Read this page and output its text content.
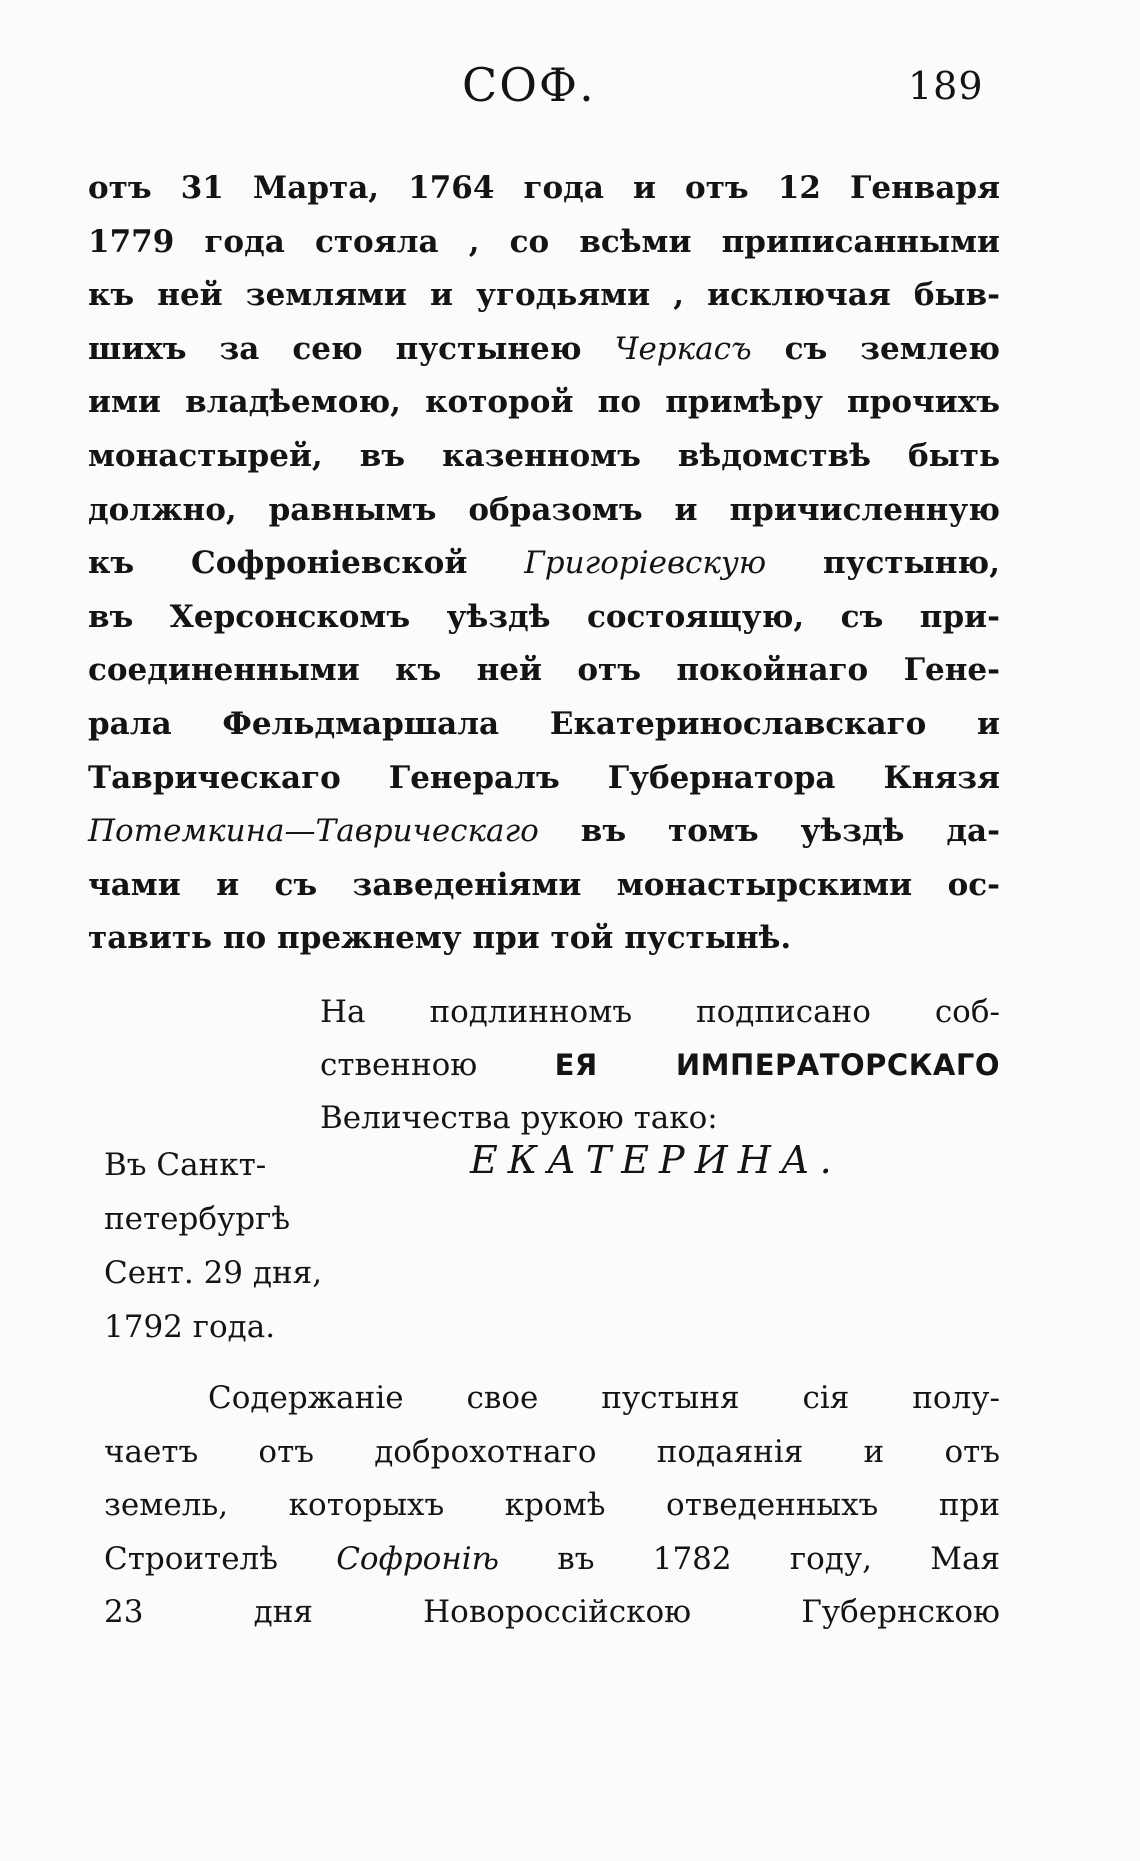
СОФ.	189
отъ 31 Марта, 1764 года и отъ 12 Генваря
1779 года стояла , со всѣми приписанными
къ ней землями и угодьями , исключая быв-
шихъ за сею пустынею Черкасъ съ землею
ими владѣемою, которой по примѣру прочихъ
монастырей, въ казенномъ вѣдомствѣ быть
должно, равнымъ образомъ и причисленную
къ Софроніевской Григоріевскую пустыню,
въ Херсонскомъ уѣздѣ состоящую, съ при-
соединенными къ ней отъ покойнаго Гене-
рала Фельдмаршала Екатеринославскаго и
Таврическаго Генералъ Губернатора Князя
Потемкина—Таврическаго въ томъ уѣздѣ да-
чами и съ заведеніями монастырскими ос-
тавить по прежнему при той пустынѣ.
На подлинномъ подписано соб-
ственною ЕЯ ИМПЕРАТОРСКАГО
Величества рукою тако:
Въ Санкт-
петербургѣ
Сент. 29 дня,
1792 года.
ЕКАТЕРИНА.
Содержаніе свое пустыня сія полу-
чаетъ отъ доброхотнаго подаянія и отъ
земель, которыхъ кромѣ отведенныхъ при
Строителѣ Софроніѣ въ 1782 году, Мая
23 дня Новороссійскою Губернскою
